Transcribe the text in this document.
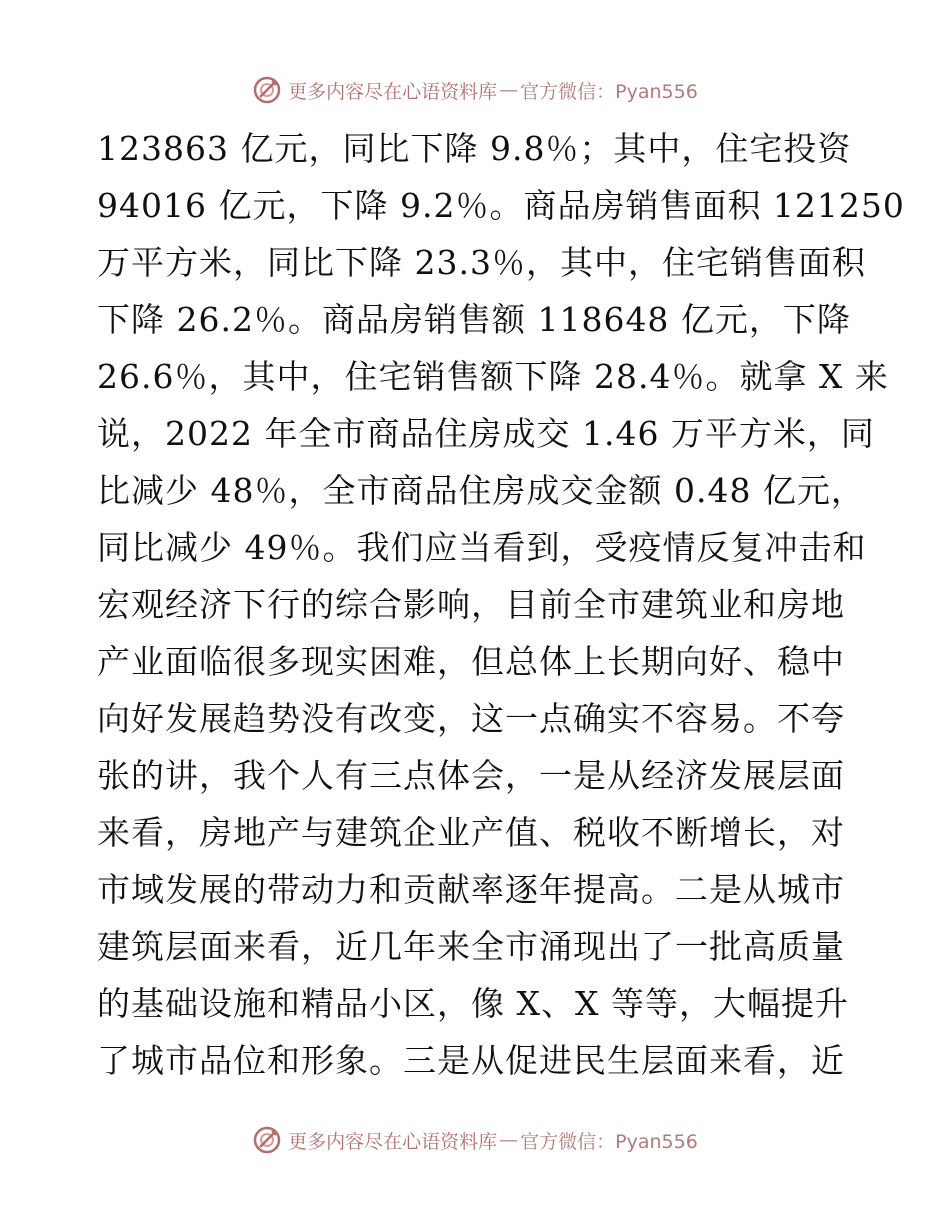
更多内容尽在心语资料库 — 官方微信：Pyan556
123863 亿元，同比下降 9.8％；其中，住宅投资
94016 亿元，下降 9.2％。商品房销售面积 121250
万平方米，同比下降 23.3％，其中，住宅销售面积
下降 26.2％。商品房销售额 118648 亿元，下降
26.6％，其中，住宅销售额下降 28.4％。就拿 X 来
说，2022 年全市商品住房成交 1.46 万平方米，同
比减少 48％，全市商品住房成交金额 0.48 亿元，
同比减少 49％。我们应当看到，受疫情反复冲击和
宏观经济下行的综合影响，目前全市建筑业和房地
产业面临很多现实困难，但总体上长期向好、稳中
向好发展趋势没有改变，这一点确实不容易。不夸
张的讲，我个人有三点体会，一是从经济发展层面
来看，房地产与建筑企业产值、税收不断增长，对
市域发展的带动力和贡献率逐年提高。二是从城市
建筑层面来看，近几年来全市涌现出了一批高质量
的基础设施和精品小区，像 X、X 等等，大幅提升
了城市品位和形象。三是从促进民生层面来看，近
更多内容尽在心语资料库 — 官方微信：Pyan556
